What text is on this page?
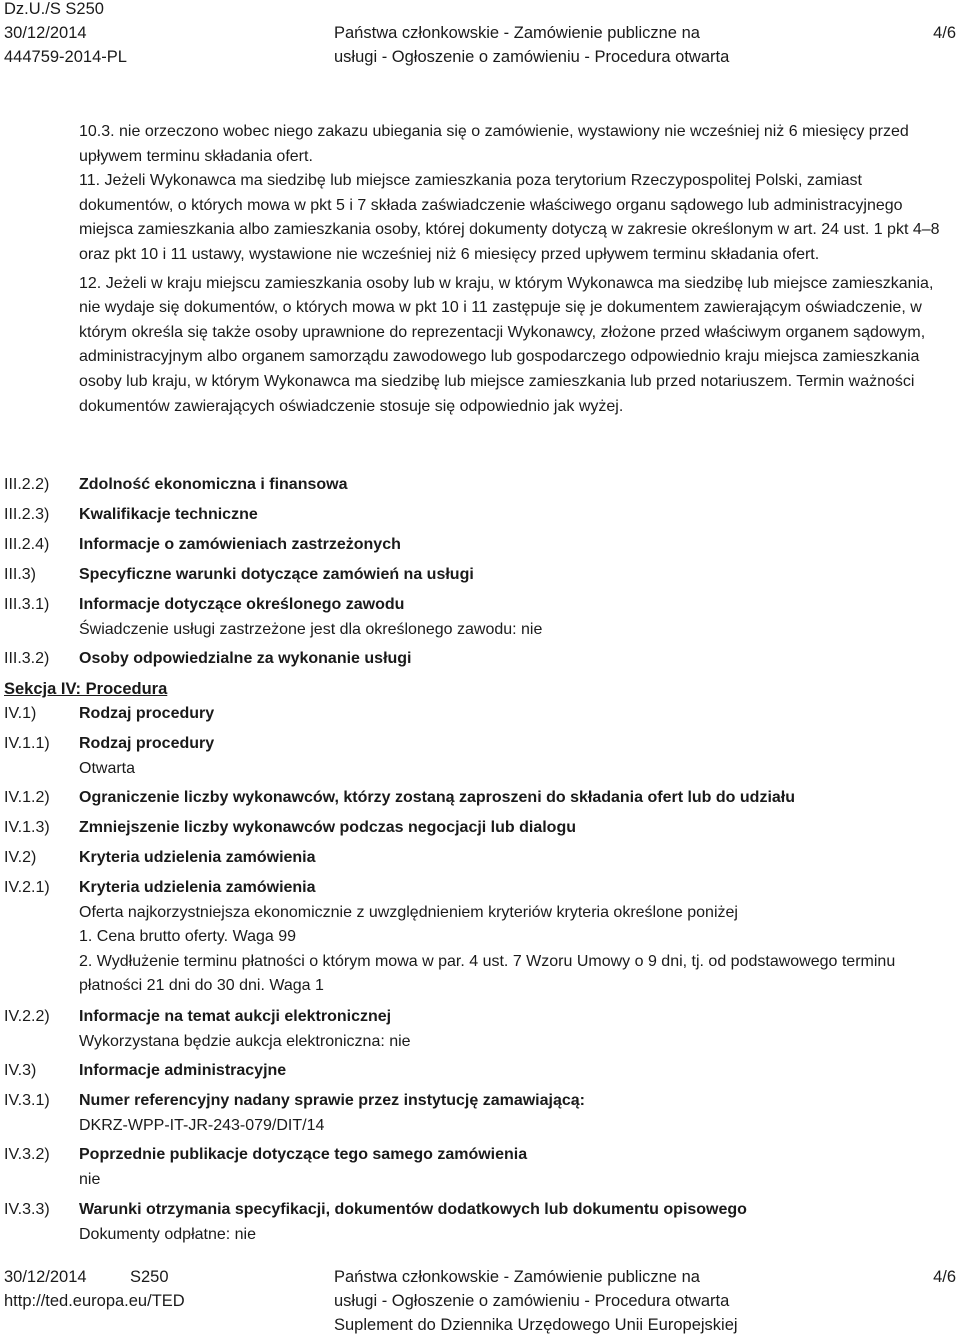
Dz.U./S S250
30/12/2014
444759-2014-PL
Państwa członkowskie - Zamówienie publiczne na
usługi - Ogłoszenie o zamówieniu - Procedura otwarta
4/6

10.3. nie orzeczono wobec niego zakazu ubiegania się o zamówienie, wystawiony nie wcześniej niż 6 miesięcy przed upływem terminu składania ofert.

11. Jeżeli Wykonawca ma siedzibę lub miejsce zamieszkania poza terytorium Rzeczypospolitej Polski, zamiast dokumentów, o których mowa w pkt 5 i 7 składa zaświadczenie właściwego organu sądowego lub administracyjnego miejsca zamieszkania albo zamieszkania osoby, której dokumenty dotyczą w zakresie określonym w art. 24 ust. 1 pkt 4–8 oraz pkt 10 i 11 ustawy, wystawione nie wcześniej niż 6 miesięcy przed upływem terminu składania ofert.

12. Jeżeli w kraju miejscu zamieszkania osoby lub w kraju, w którym Wykonawca ma siedzibę lub miejsce zamieszkania, nie wydaje się dokumentów, o których mowa w pkt 10 i 11 zastępuje się je dokumentem zawierającym oświadczenie, w którym określa się także osoby uprawnione do reprezentacji Wykonawcy, złożone przed właściwym organem sądowym, administracyjnym albo organem samorządu zawodowego lub gospodarczego odpowiednio kraju miejsca zamieszkania osoby lub kraju, w którym Wykonawca ma siedzibę lub miejsce zamieszkania lub przed notariuszem. Termin ważności dokumentów zawierających oświadczenie stosuje się odpowiednio jak wyżej.

III.2.2) Zdolność ekonomiczna i finansowa
III.2.3) Kwalifikacje techniczne
III.2.4) Informacje o zamówieniach zastrzeżonych
III.3)	Specyficzne warunki dotyczące zamówień na usługi
III.3.1) Informacje dotyczące określonego zawodu
Świadczenie usługi zastrzeżone jest dla określonego zawodu: nie
III.3.2) Osoby odpowiedzialne za wykonanie usługi
Sekcja IV: Procedura
IV.1)	Rodzaj procedury
IV.1.1) Rodzaj procedury
Otwarta
IV.1.2) Ograniczenie liczby wykonawców, którzy zostaną zaproszeni do składania ofert lub do udziału
IV.1.3) Zmniejszenie liczby wykonawców podczas negocjacji lub dialogu
IV.2)	Kryteria udzielenia zamówienia
IV.2.1) Kryteria udzielenia zamówienia
Oferta najkorzystniejsza ekonomicznie z uwzględnieniem kryteriów kryteria określone poniżej
1. Cena brutto oferty. Waga 99
2. Wydłużenie terminu płatności o którym mowa w par. 4 ust. 7 Wzoru Umowy o 9 dni, tj. od podstawowego terminu płatności 21 dni do 30 dni. Waga 1
IV.2.2) Informacje na temat aukcji elektronicznej
Wykorzystana będzie aukcja elektroniczna: nie
IV.3)	Informacje administracyjne
IV.3.1) Numer referencyjny nadany sprawie przez instytucję zamawiającą:
DKRZ-WPP-IT-JR-243-079/DIT/14
IV.3.2) Poprzednie publikacje dotyczące tego samego zamówienia
nie
IV.3.3) Warunki otrzymania specyfikacji, dokumentów dodatkowych lub dokumentu opisowego
Dokumenty odpłatne: nie
30/12/2014	S250
http://ted.europa.eu/TED
Państwa członkowskie - Zamówienie publiczne na
usługi - Ogłoszenie o zamówieniu - Procedura otwarta
Suplement do Dziennika Urzędowego Unii Europejskiej
4/6
